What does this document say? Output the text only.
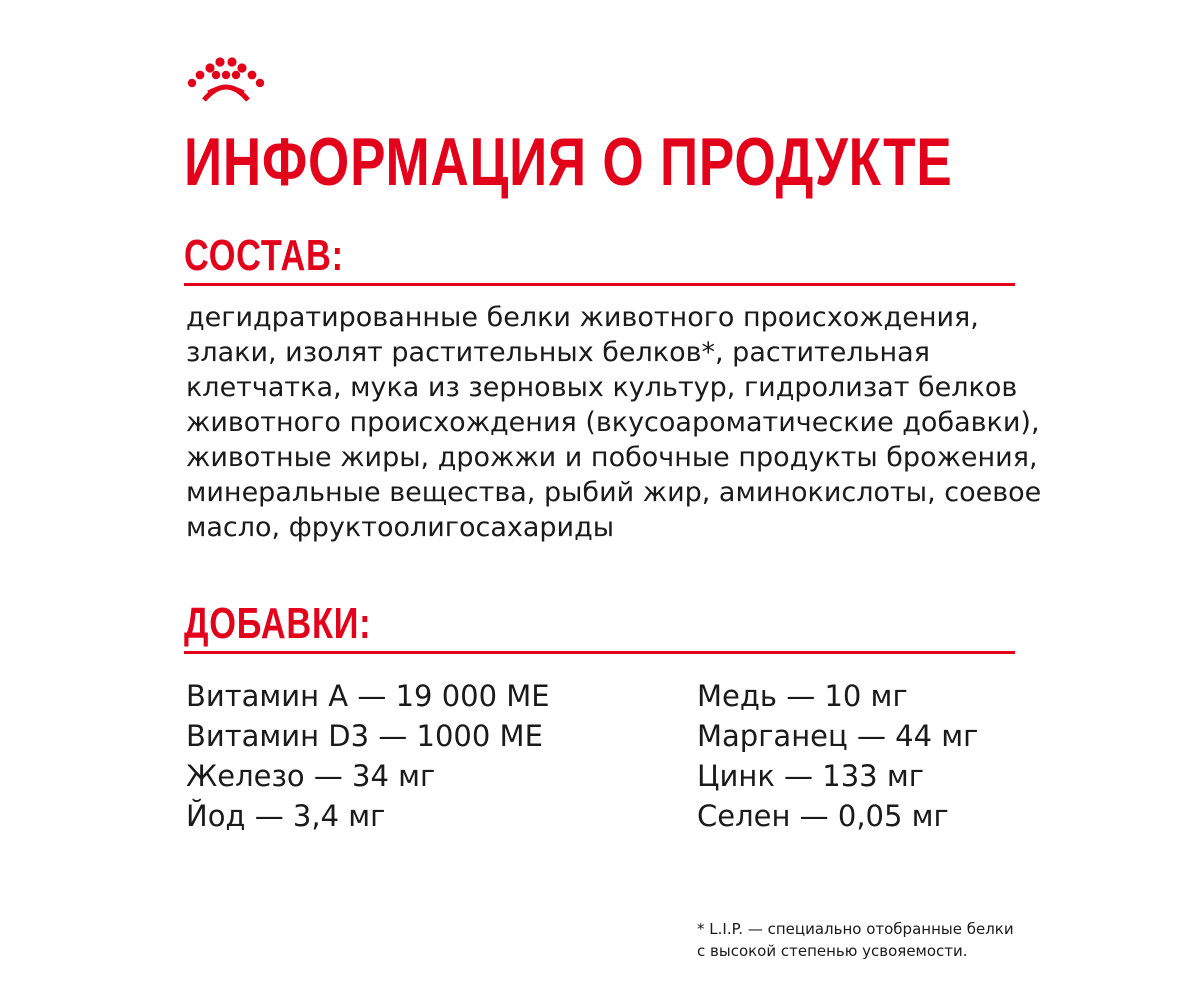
ИНФОРМАЦИЯ О ПРОДУКТЕ
СОСТАВ:

дегидратированные белки животного происхождения, злаки, изолят растительных белков*, растительная клетчатка, мука из зерновых культур, гидролизат белков животного происхождения (вкусоароматические добавки), животные жиры, дрожжи и побочные продукты брожения, минеральные вещества, рыбий жир, аминокислоты, соевое масло, фруктоолигосахариды

ДОБАВКИ:
Витамин А — 19 000 МЕ
Витамин D3 — 1000 МЕ
Железо — 34 мг
Йод — 3,4 мг
Медь — 10 мг
Марганец — 44 мг
Цинк — 133 мг
Селен — 0,05 мг

* L.I.P. — специально отобранные белки
с высокой степенью усвояемости.
